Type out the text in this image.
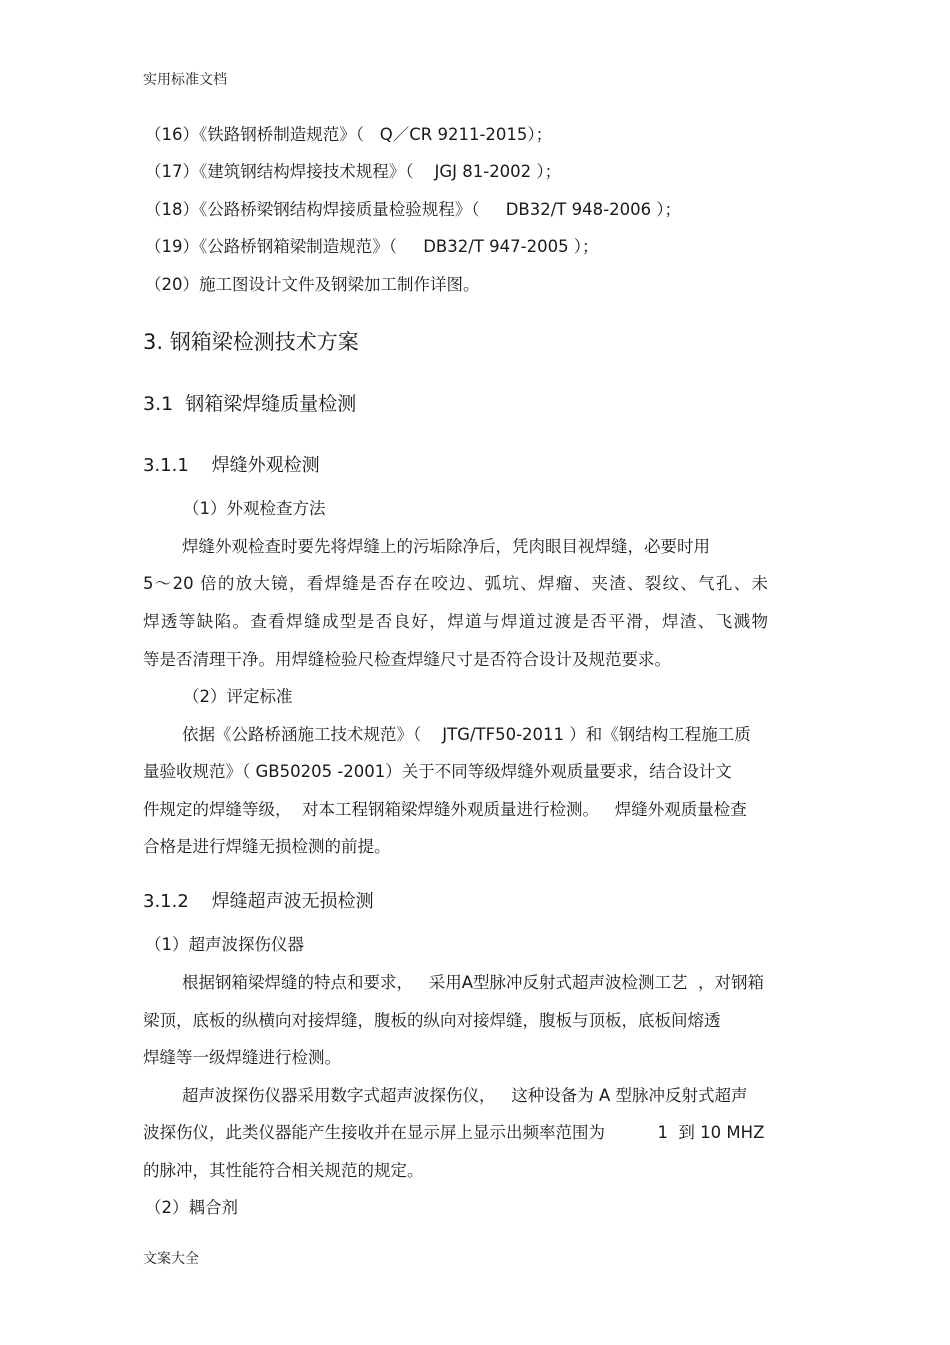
实用标准文档
（16）《铁路钢桥制造规范》（   Q／CR 9211-2015）；
（17）《建筑钢结构焊接技术规程》（    JGJ 81-2002 ）；
（18）《公路桥梁钢结构焊接质量检验规程》（     DB32/T 948-2006 ）；
（19）《公路桥钢箱梁制造规范》（     DB32/T 947-2005 ）；
（20）施工图设计文件及钢梁加工制作详图。
3. 钢箱梁检测技术方案
3.1  钢箱梁焊缝质量检测
3.1.1    焊缝外观检测
（1）外观检查方法
焊缝外观检查时要先将焊缝上的污垢除净后，凭肉眼目视焊缝，必要时用
5～20 倍的放大镜，看焊缝是否存在咬边、弧坑、焊瘤、夹渣、裂纹、气孔、未
焊透等缺陷。查看焊缝成型是否良好，焊道与焊道过渡是否平滑，焊渣、飞溅物
等是否清理干净。用焊缝检验尺检查焊缝尺寸是否符合设计及规范要求。
（2）评定标准
依据《公路桥涵施工技术规范》（    JTG/TF50-2011 ）和《钢结构工程施工质
量验收规范》（ GB50205 -2001）关于不同等级焊缝外观质量要求，结合设计文
件规定的焊缝等级，  对本工程钢箱梁焊缝外观质量进行检测。   焊缝外观质量检查
合格是进行焊缝无损检测的前提。
3.1.2    焊缝超声波无损检测
（1）超声波探伤仪器
根据钢箱梁焊缝的特点和要求，   采用A型脉冲反射式超声波检测工艺  ，对钢箱
梁顶，底板的纵横向对接焊缝，腹板的纵向对接焊缝，腹板与顶板，底板间熔透
焊缝等一级焊缝进行检测。
超声波探伤仪器采用数字式超声波探伤仪，   这种设备为 A 型脉冲反射式超声
波探伤仪，此类仪器能产生接收并在显示屏上显示出频率范围为          1  到 10 MHZ
的脉冲，其性能符合相关规范的规定。
（2）耦合剂
文案大全
